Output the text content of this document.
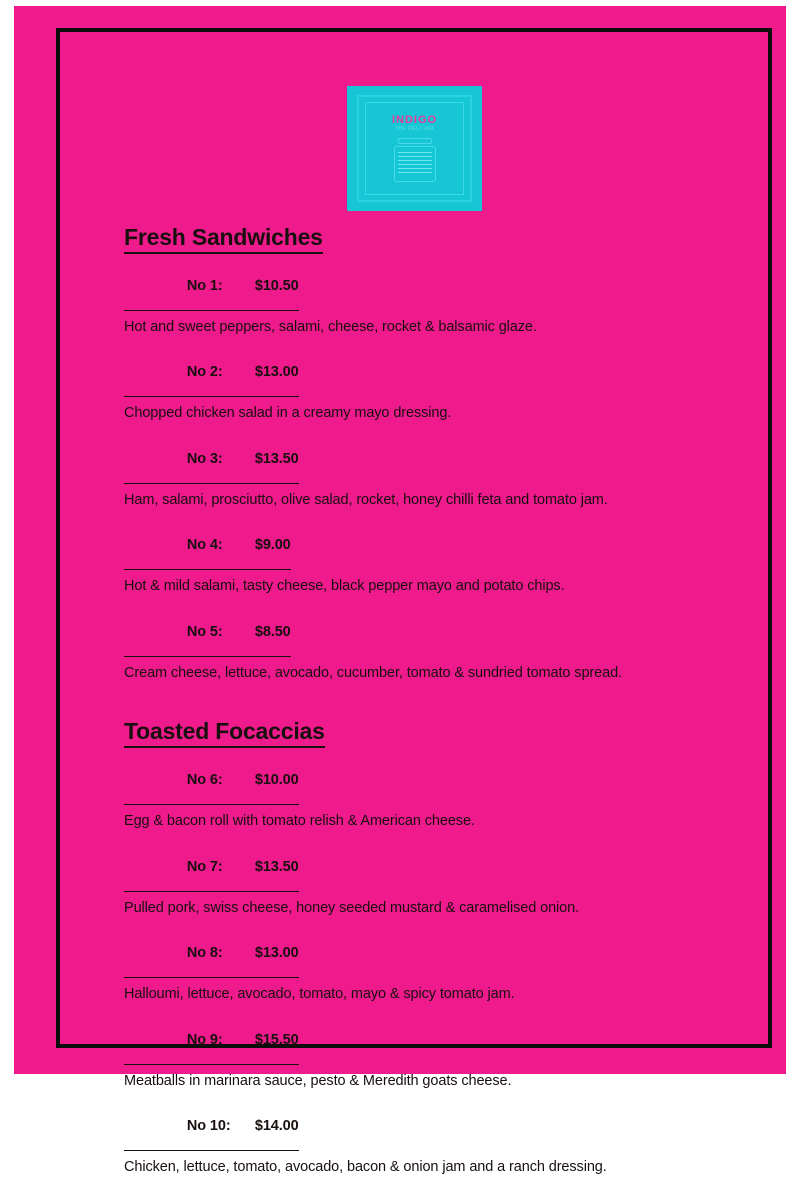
INDIGO
THE DELI JAR
Fresh Sandwiches

No 1: $10.50

Hot and sweet peppers, salami, cheese, rocket & balsamic glaze.

No 2: $13.00

Chopped chicken salad in a creamy mayo dressing.

No 3: $13.50

Ham, salami, prosciutto, olive salad, rocket, honey chilli feta and tomato jam.

No 4: $9.00

Hot & mild salami, tasty cheese, black pepper mayo and potato chips.

No 5: $8.50

Cream cheese, lettuce, avocado, cucumber, tomato & sundried tomato spread.
Toasted Focaccias

No 6: $10.00

Egg & bacon roll with tomato relish & American cheese.

No 7: $13.50

Pulled pork, swiss cheese, honey seeded mustard & caramelised onion.

No 8: $13.00

Halloumi, lettuce, avocado, tomato, mayo & spicy tomato jam.

No 9: $15.50

Meatballs in marinara sauce, pesto & Meredith goats cheese.

No 10: $14.00

Chicken, lettuce, tomato, avocado, bacon & onion jam and a ranch dressing.
